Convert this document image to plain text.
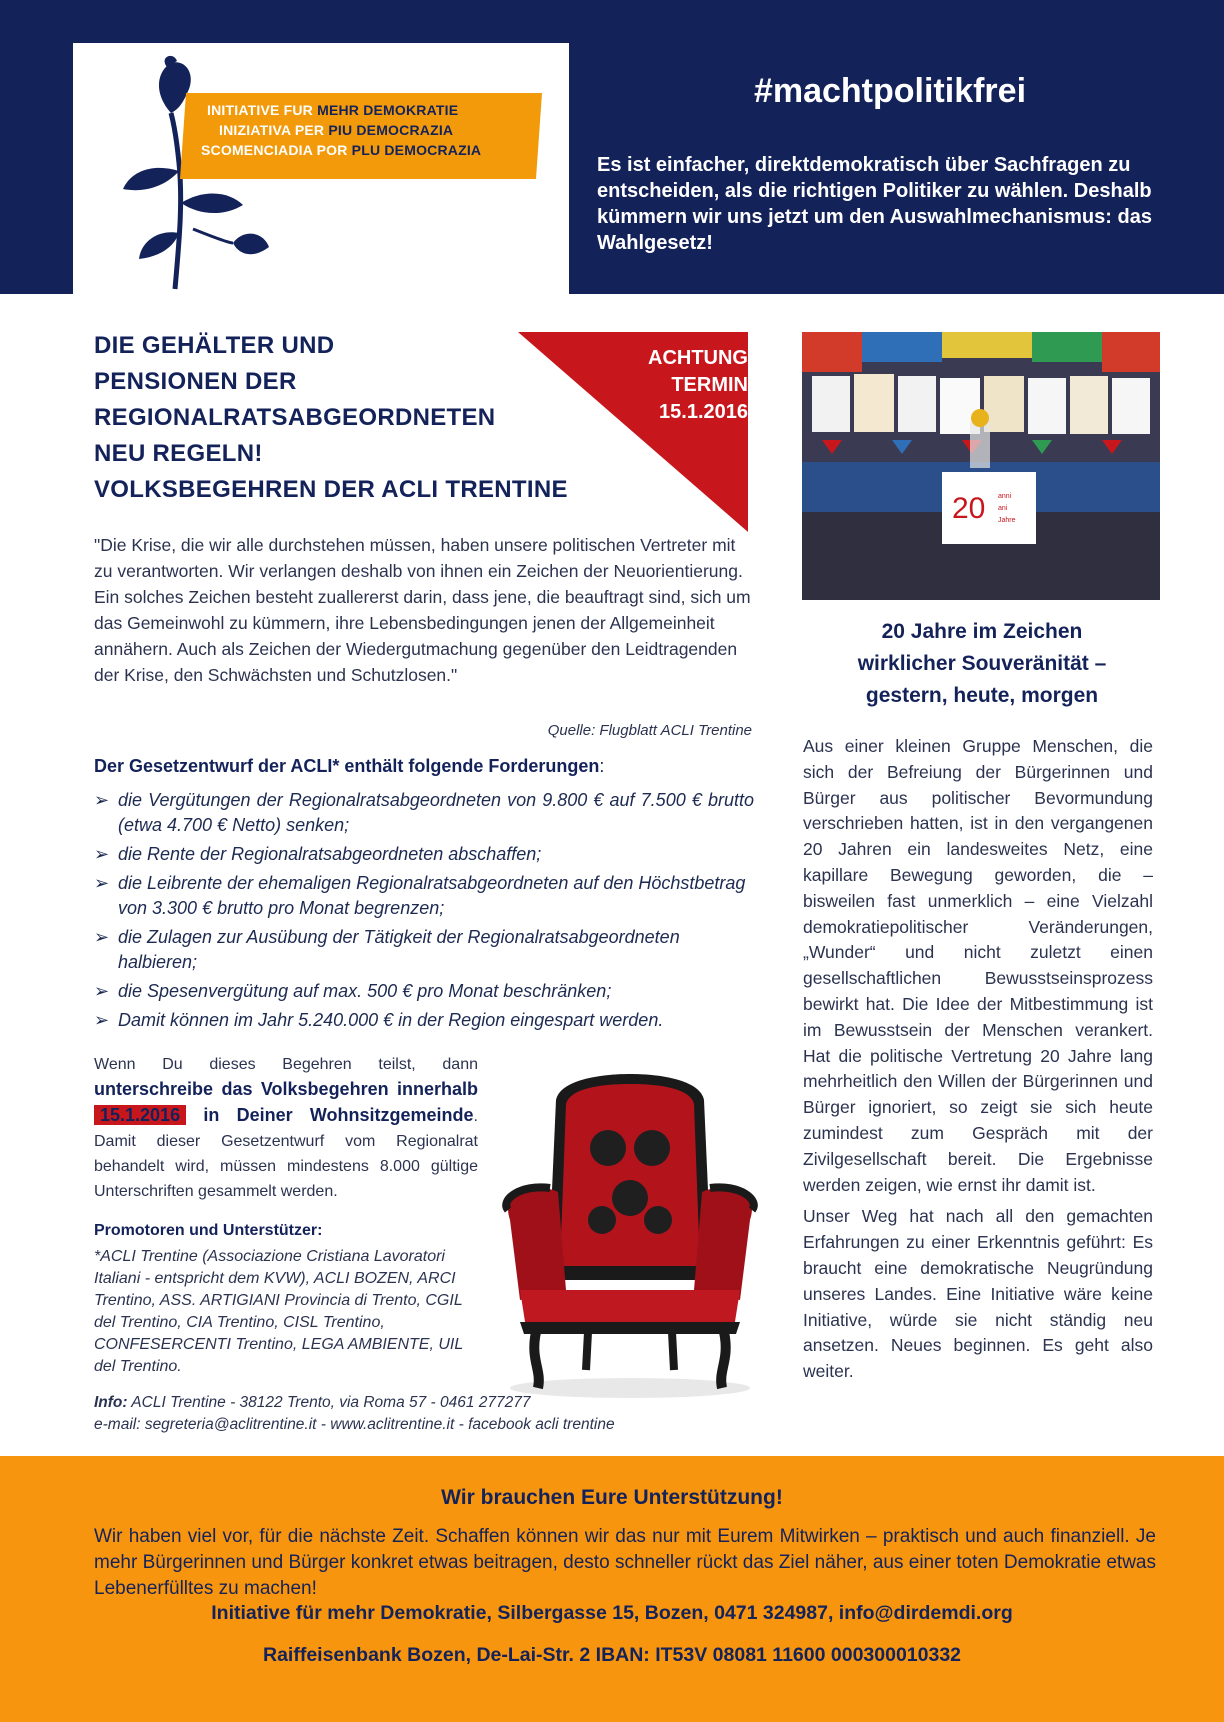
INITIATIVE FUR MEHR DEMOKRATIE
INIZIATIVA PER PIU DEMOCRAZIA
SCOMENCIADIA POR PLU DEMOCRAZIA
#machtpolitikfrei
Es ist einfacher, direktdemokratisch über Sachfragen zu entscheiden, als die richtigen Politiker zu wählen. Deshalb kümmern wir uns jetzt um den Auswahlmechanismus: das Wahlgesetz!
DIE GEHÄLTER UND
PENSIONEN DER
REGIONALRATSABGEORDNETEN
NEU REGELN!
VOLKSBEGEHREN DER ACLI TRENTINE
ACHTUNG
TERMIN
15.1.2016
"Die Krise, die wir alle durchstehen müssen, haben unsere politischen Vertreter mit zu verantworten. Wir verlangen deshalb von ihnen ein Zeichen der Neuorientierung.
Ein solches Zeichen besteht zuallererst darin, dass jene, die beauftragt sind, sich um das Gemeinwohl zu kümmern, ihre Lebensbedingungen jenen der Allgemeinheit annähern. Auch als Zeichen der Wiedergutmachung gegenüber den Leidtragenden der Krise, den Schwächsten und Schutzlosen."
Quelle: Flugblatt ACLI Trentine
Der Gesetzentwurf der ACLI* enthält folgende Forderungen:
➢ die Vergütungen der Regionalratsabgeordneten von 9.800 € auf 7.500 € brutto (etwa 4.700 € Netto) senken;
➢ die Rente der Regionalratsabgeordneten abschaffen;
➢ die Leibrente der ehemaligen Regionalratsabgeordneten auf den Höchstbetrag von 3.300 € brutto pro Monat begrenzen;
➢ die Zulagen zur Ausübung der Tätigkeit der Regionalratsabgeordneten halbieren;
➢ die Spesenvergütung auf max. 500 € pro Monat beschränken;
➢ Damit können im Jahr 5.240.000 € in der Region eingespart werden.
Wenn Du dieses Begehren teilst, dann unterschreibe das Volksbegehren innerhalb 15.1.2016 in Deiner Wohnsitzgemeinde. Damit dieser Gesetzentwurf vom Regionalrat behandelt wird, müssen mindestens 8.000 gültige Unterschriften gesammelt werden.
Promotoren und Unterstützer:
*ACLI Trentine (Associazione Cristiana Lavoratori Italiani - entspricht dem KVW), ACLI BOZEN, ARCI Trentino, ASS. ARTIGIANI Provincia di Trento, CGIL del Trentino, CIA Trentino, CISL Trentino, CONFESERCENTI Trentino, LEGA AMBIENTE, UIL del Trentino.
Info: ACLI Trentine - 38122 Trento, via Roma 57 - 0461 277277
e-mail: segreteria@aclitrentine.it - www.aclitrentine.it - facebook acli trentine
20 anni
ani
Jahre
20 Jahre im Zeichen
wirklicher Souveränität –
gestern, heute, morgen

Aus einer kleinen Gruppe Menschen, die sich der Befreiung der Bürgerinnen und Bürger aus politischer Bevormundung verschrieben hatten, ist in den vergangenen 20 Jahren ein landesweites Netz, eine kapillare Bewegung geworden, die – bisweilen fast unmerklich – eine Vielzahl demokratiepolitischer Veränderungen, „Wunder“ und nicht zuletzt einen gesellschaftlichen Bewusstseinsprozess bewirkt hat. Die Idee der Mitbestimmung ist im Bewusstsein der Menschen verankert. Hat die politische Vertretung 20 Jahre lang mehrheitlich den Willen der Bürgerinnen und Bürger ignoriert, so zeigt sie sich heute zumindest zum Gespräch mit der Zivilgesellschaft bereit. Die Ergebnisse werden zeigen, wie ernst ihr damit ist.

Unser Weg hat nach all den gemachten Erfahrungen zu einer Erkenntnis geführt: Es braucht eine demokratische Neugründung unseres Landes. Eine Initiative wäre keine Initiative, würde sie nicht ständig neu ansetzen. Neues beginnen. Es geht also weiter.

Wir brauchen Eure Unterstützung!
Wir haben viel vor, für die nächste Zeit. Schaffen können wir das nur mit Eurem Mitwirken – praktisch und auch finanziell. Je mehr Bürgerinnen und Bürger konkret etwas beitragen, desto schneller rückt das Ziel näher, aus einer toten Demokratie etwas Lebenerfülltes zu machen!
Initiative für mehr Demokratie, Silbergasse 15, Bozen, 0471 324987, info@dirdemdi.org
Raiffeisenbank Bozen, De-Lai-Str. 2 IBAN: IT53V 08081 11600 000300010332
